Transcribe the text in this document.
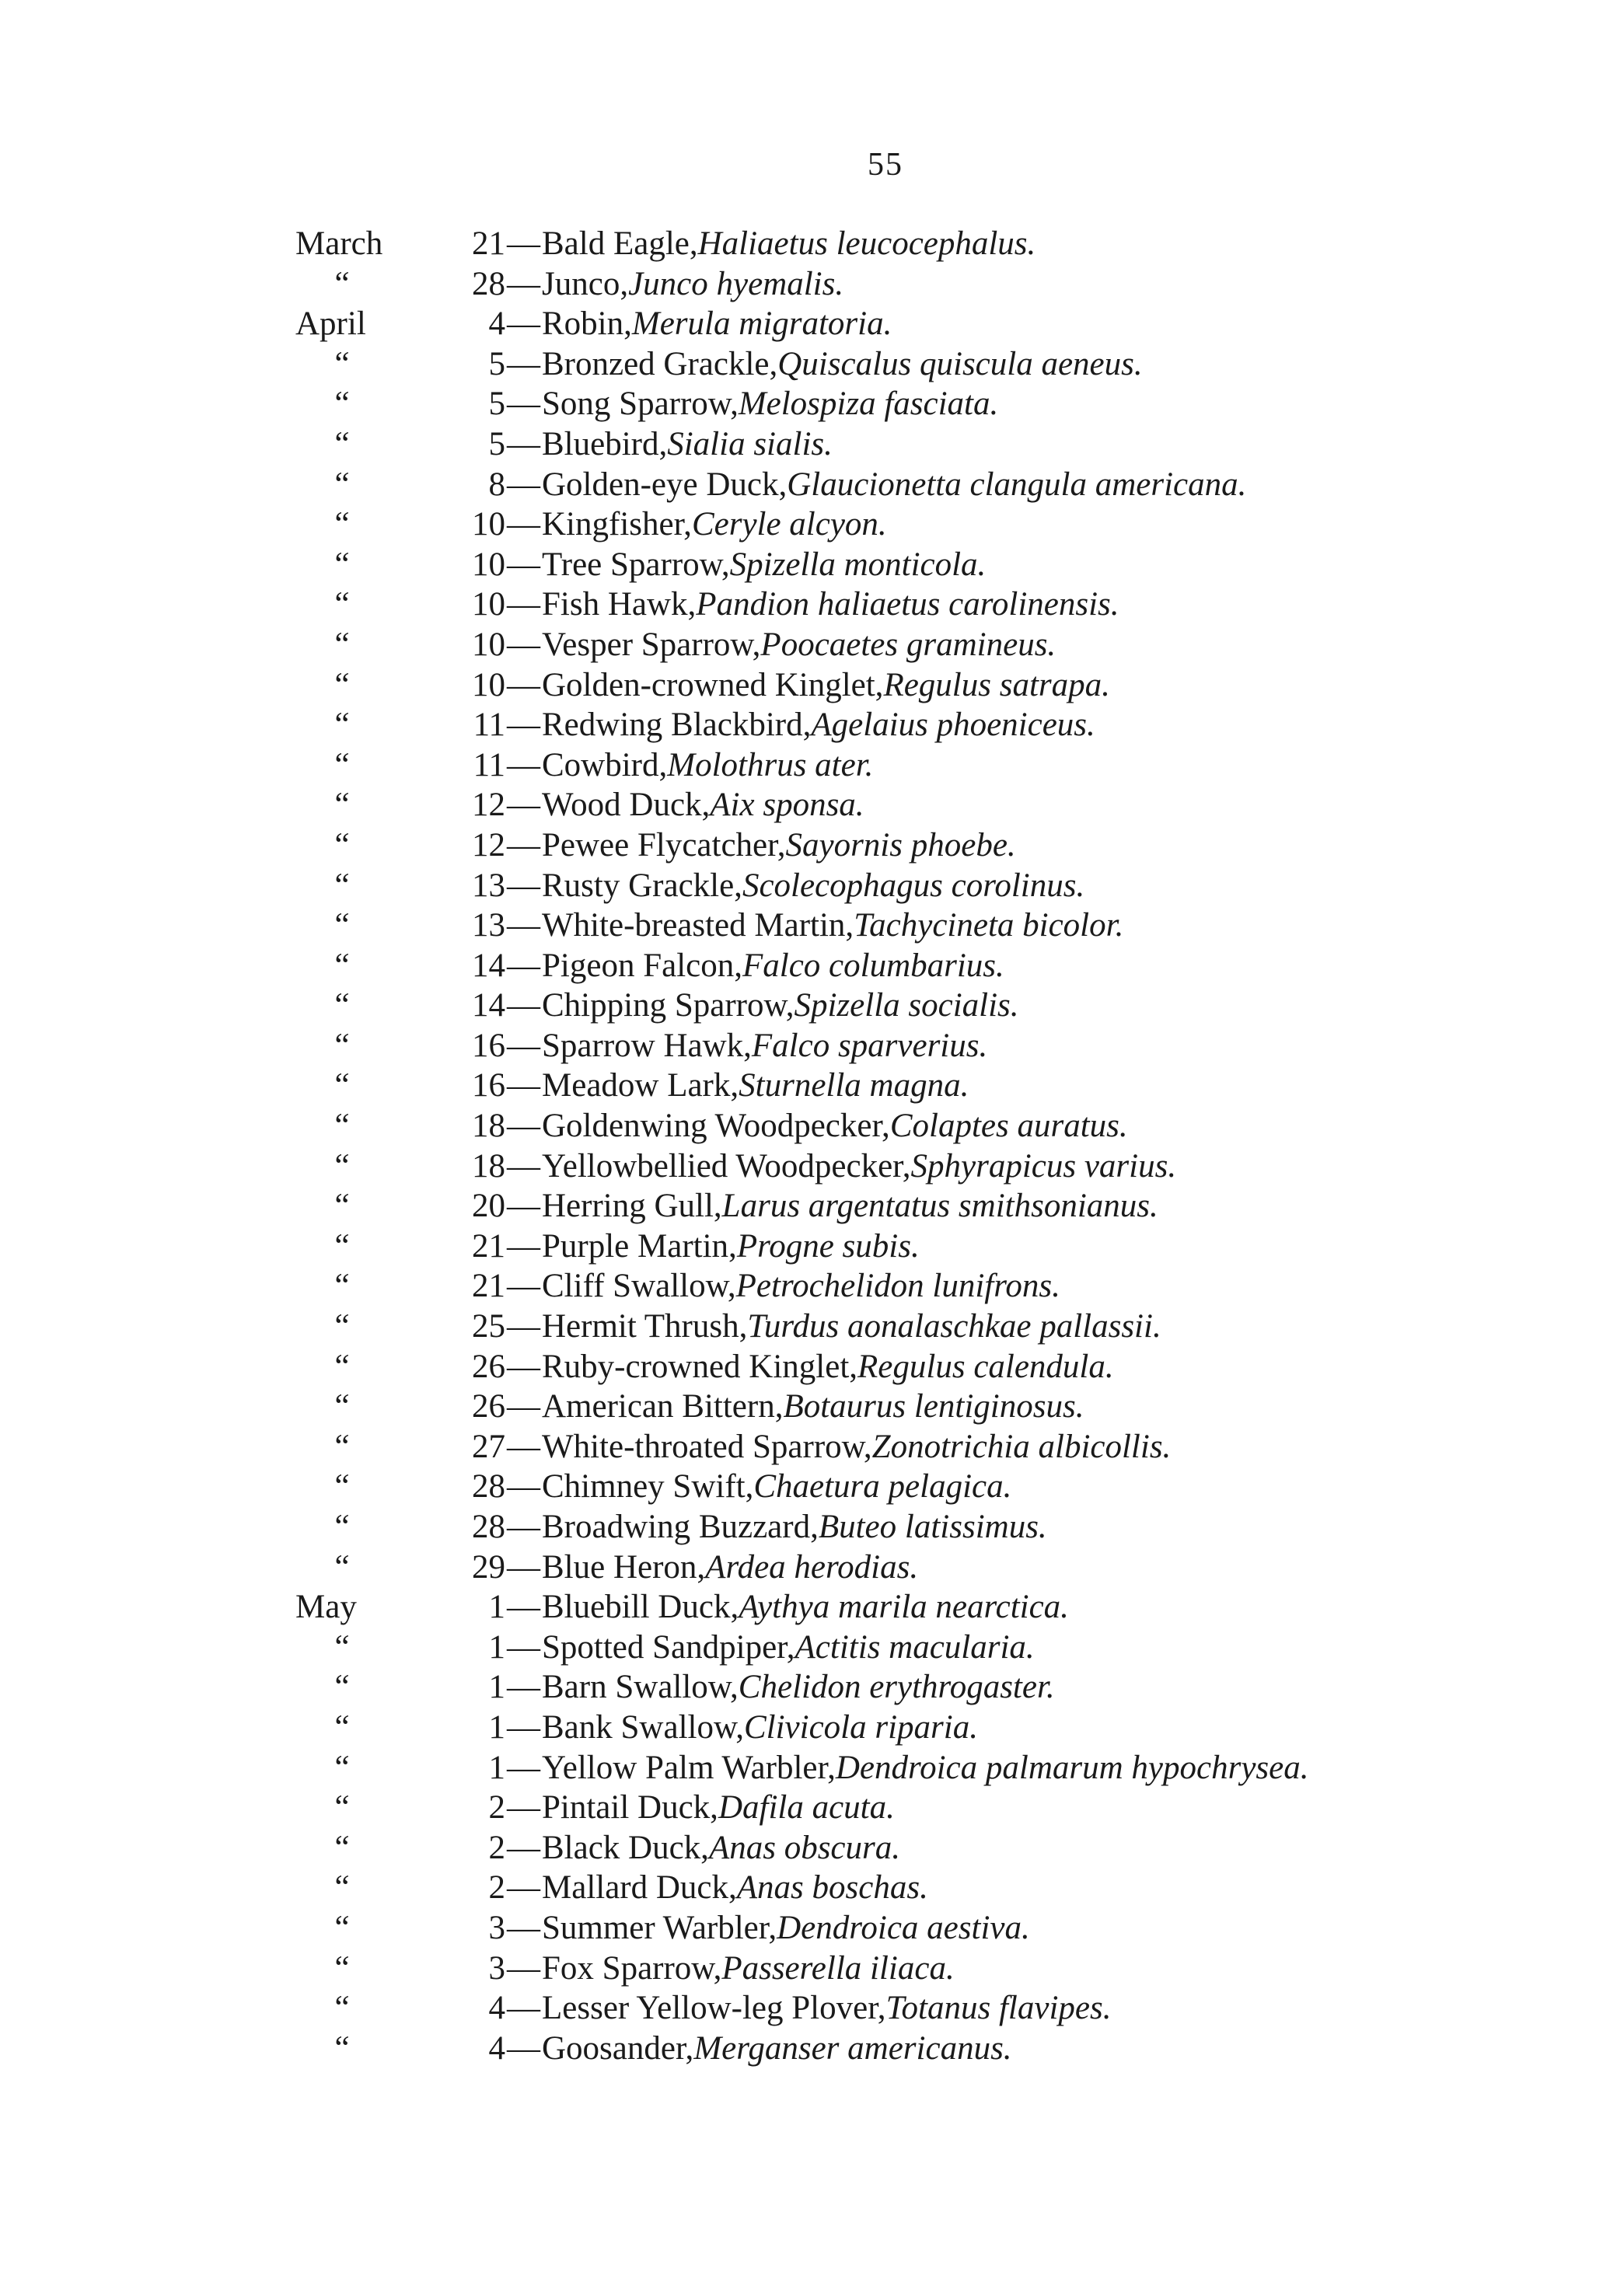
55
March	21 — Bald Eagle, Haliaetus leucocephalus.
“	28 — Junco, Junco hyemalis.
April	4 — Robin, Merula migratoria.
“	5 — Bronzed Grackle, Quiscalus quiscula aeneus.
“	5 — Song Sparrow, Melospiza fasciata.
“	5 — Bluebird, Sialia sialis.
“	8 — Golden-eye Duck, Glaucionetta clangula americana.
“	10 — Kingfisher, Ceryle alcyon.
“	10 — Tree Sparrow, Spizella monticola.
“	10 — Fish Hawk, Pandion haliaetus carolinensis.
“	10 — Vesper Sparrow, Poocaetes gramineus.
“	10 — Golden-crowned Kinglet, Regulus satrapa.
“	11 — Redwing Blackbird, Agelaius phoeniceus.
“	11 — Cowbird, Molothrus ater.
“	12 — Wood Duck, Aix sponsa.
“	12 — Pewee Flycatcher, Sayornis phoebe.
“	13 — Rusty Grackle, Scolecophagus corolinus.
“	13 — White-breasted Martin, Tachycineta bicolor.
“	14 — Pigeon Falcon, Falco columbarius.
“	14 — Chipping Sparrow, Spizella socialis.
“	16 — Sparrow Hawk, Falco sparverius.
“	16 — Meadow Lark, Sturnella magna.
“	18 — Goldenwing Woodpecker, Colaptes auratus.
“	18 — Yellowbellied Woodpecker, Sphyrapicus varius.
“	20 — Herring Gull, Larus argentatus smithsonianus.
“	21 — Purple Martin, Progne subis.
“	21 — Cliff Swallow, Petrochelidon lunifrons.
“	25 — Hermit Thrush, Turdus aonalaschkae pallassii.
“	26 — Ruby-crowned Kinglet, Regulus calendula.
“	26 — American Bittern, Botaurus lentiginosus.
“	27 — White-throated Sparrow, Zonotrichia albicollis.
“	28 — Chimney Swift, Chaetura pelagica.
“	28 — Broadwing Buzzard, Buteo latissimus.
“	29 — Blue Heron, Ardea herodias.
May	1 — Bluebill Duck, Aythya marila nearctica.
“	1 — Spotted Sandpiper, Actitis macularia.
“	1 — Barn Swallow, Chelidon erythrogaster.
“	1 — Bank Swallow, Clivicola riparia.
“	1 — Yellow Palm Warbler, Dendroica palmarum hypochrysea.
“	2 — Pintail Duck, Dafila acuta.
“	2 — Black Duck, Anas obscura.
“	2 — Mallard Duck, Anas boschas.
“	3 — Summer Warbler, Dendroica aestiva.
“	3 — Fox Sparrow, Passerella iliaca.
“	4 — Lesser Yellow-leg Plover, Totanus flavipes.
“	4 — Goosander, Merganser americanus.
